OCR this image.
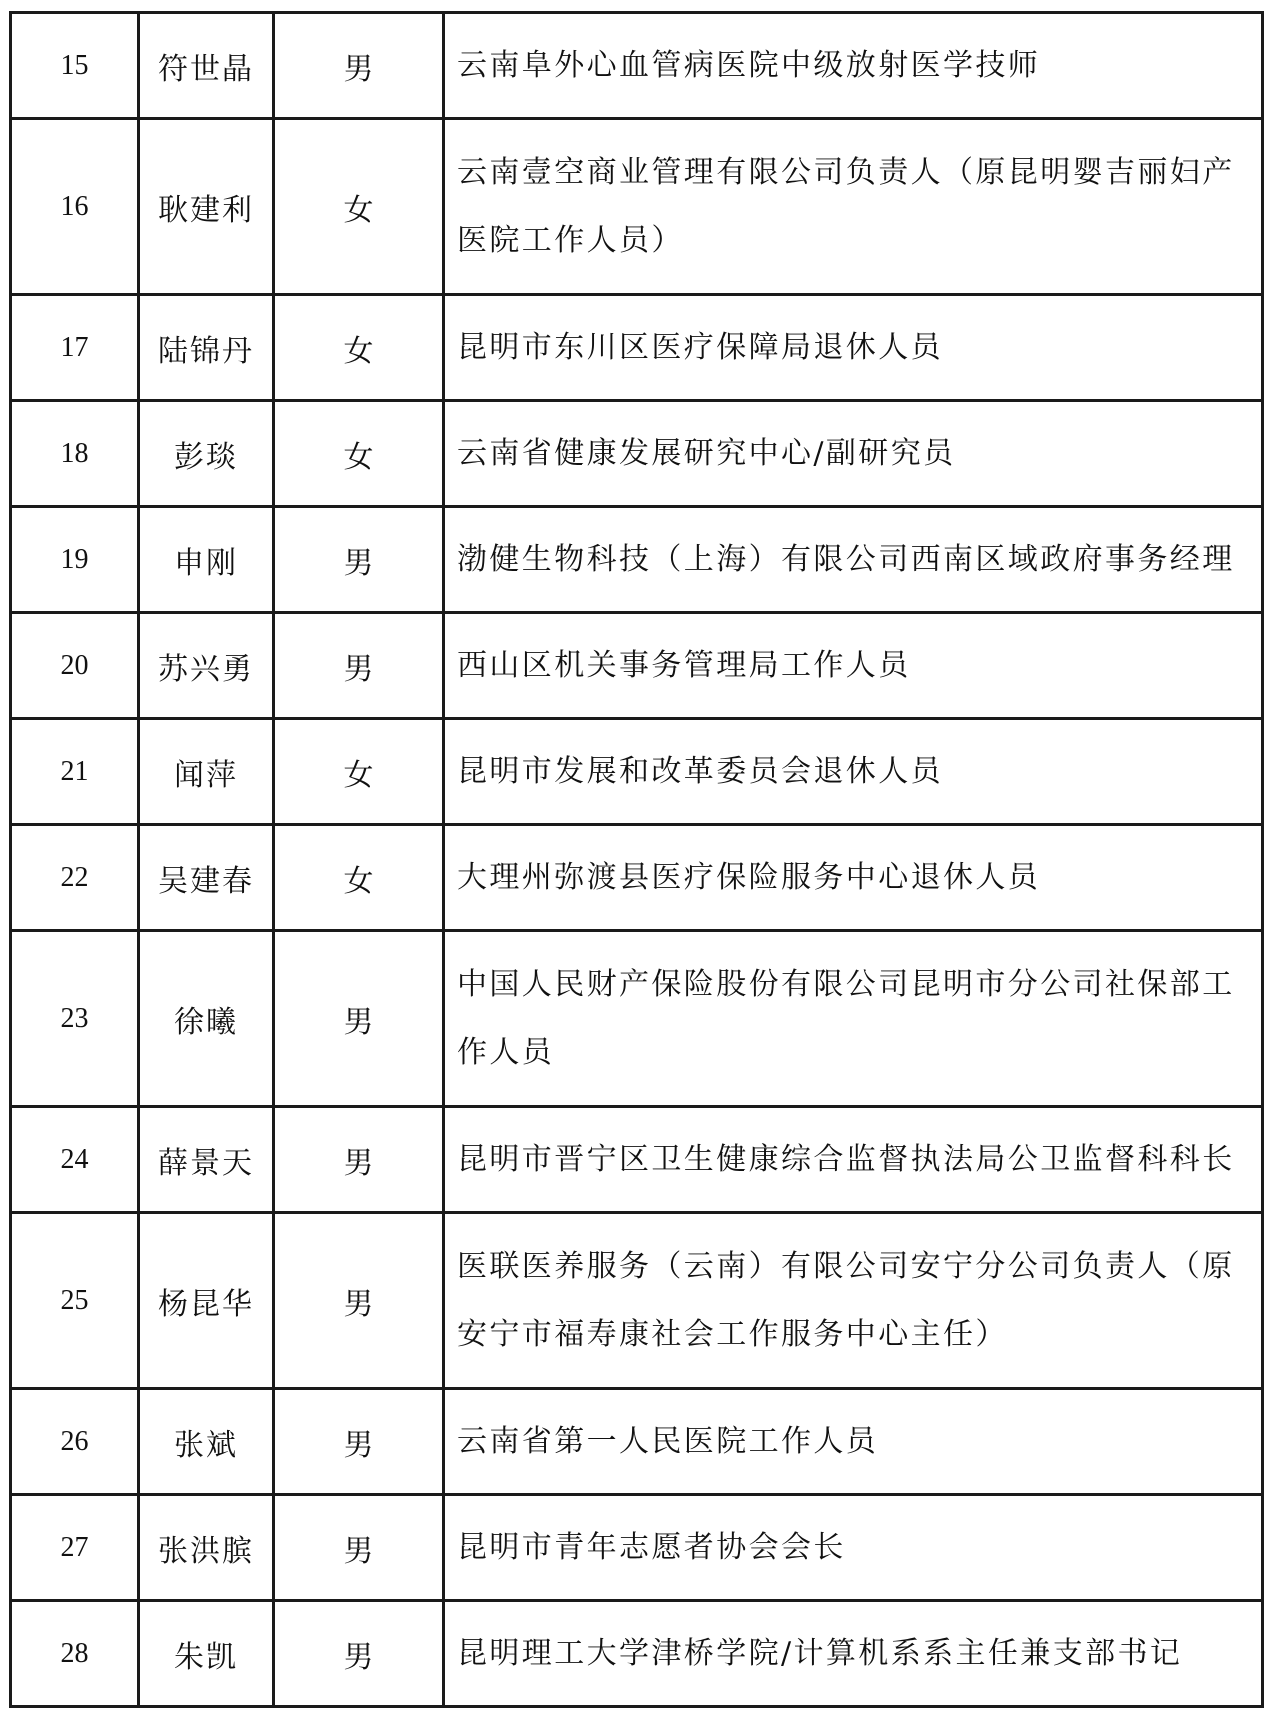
15	符世晶	男	云南阜外心血管病医院中级放射医学技师
16	耿建利	女	云南壹空商业管理有限公司负责人（原昆明婴吉丽妇产医院工作人员）
17	陆锦丹	女	昆明市东川区医疗保障局退休人员
18	彭琰	女	云南省健康发展研究中心/副研究员
19	申刚	男	渤健生物科技（上海）有限公司西南区域政府事务经理
20	苏兴勇	男	西山区机关事务管理局工作人员
21	闻萍	女	昆明市发展和改革委员会退休人员
22	吴建春	女	大理州弥渡县医疗保险服务中心退休人员
23	徐曦	男	中国人民财产保险股份有限公司昆明市分公司社保部工作人员
24	薛景天	男	昆明市晋宁区卫生健康综合监督执法局公卫监督科科长
25	杨昆华	男	医联医养服务（云南）有限公司安宁分公司负责人（原安宁市福寿康社会工作服务中心主任）
26	张斌	男	云南省第一人民医院工作人员
27	张洪膑	男	昆明市青年志愿者协会会长
28	朱凯	男	昆明理工大学津桥学院/计算机系系主任兼支部书记
